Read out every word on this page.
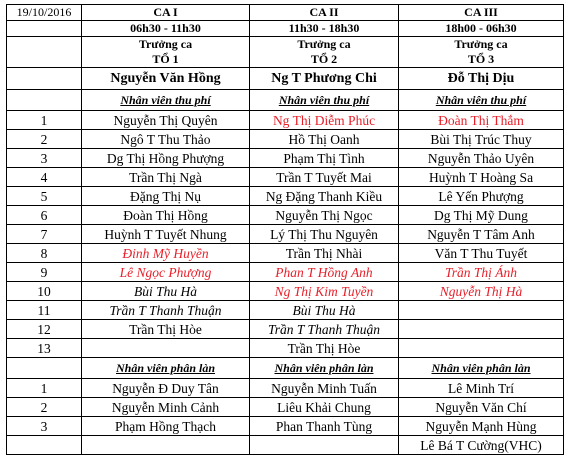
19/10/2016	CA I	CA II	CA III
	06h30 - 11h30	11h30 - 18h30	18h00 - 06h30
	Trưởng ca	Trưởng ca	Trưởng ca
	TỔ 1	TỔ 2	TỔ 3
	Nguyễn Văn Hồng	Ng T Phương Chi	Đỗ Thị Dịu
	Nhân viên thu phí	Nhân viên thu phí	Nhân viên thu phí
1	Nguyễn Thị Quyên	Ng Thị Diễm Phúc	Đoàn Thị Thắm
2	Ngô T Thu Thảo	Hồ Thị Oanh	Bùi Thị Trúc Thuy
3	Dg Thị Hồng Phượng	Phạm Thị Tình	Nguyễn Thảo Uyên
4	Trần Thị Ngà	Trần T Tuyết Mai	Huỳnh T Hoàng Sa
5	Đặng Thị Nụ	Ng Đặng Thanh Kiều	Lê Yến Phượng
6	Đoàn Thị Hồng	Nguyễn Thị Ngọc	Dg Thị Mỹ Dung
7	Huỳnh T Tuyết Nhung	Lý Thị Thu Nguyên	Nguyễn T Tâm Anh
8	Đinh Mỹ Huyền	Trần Thị Nhài	Văn T Thu Tuyết
9	Lê Ngọc Phượng	Phan T Hồng Anh	Trần Thị Ánh
10	Bùi Thu Hà	Ng Thị Kim Tuyền	Nguyễn Thị Hà
11	Trần T Thanh Thuận	Bùi Thu Hà	
12	Trần Thị Hòe	Trần T Thanh Thuận	
13		Trần Thị Hòe	
	Nhân viên phân làn	Nhân viên phân làn	Nhân viên phân làn
1	Nguyễn Đ Duy Tân	Nguyễn Minh Tuấn	Lê Minh Trí
2	Nguyễn Minh Cảnh	Liêu Khải Chung	Nguyễn Văn Chí
3	Phạm Hồng Thạch	Phan Thanh Tùng	Nguyễn Mạnh Hùng
			Lê Bá T Cường(VHC)
